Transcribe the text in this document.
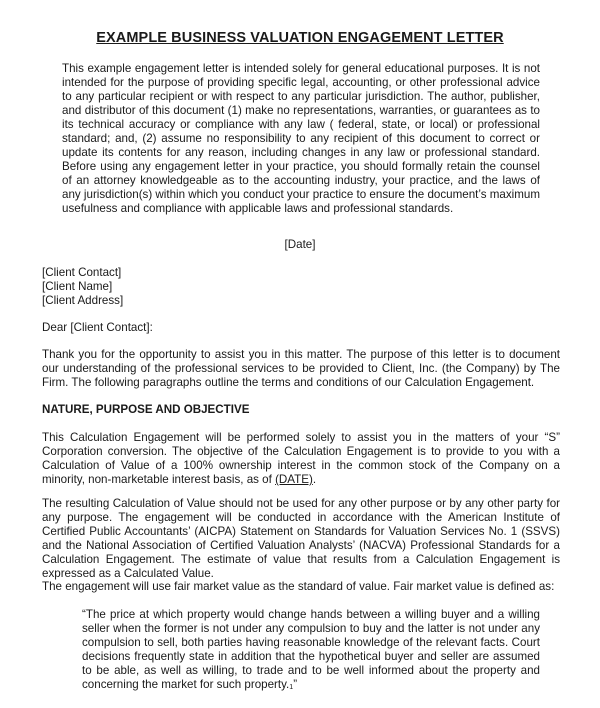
EXAMPLE BUSINESS VALUATION ENGAGEMENT LETTER
This example engagement letter is intended solely for general educational purposes. It is not intended for the purpose of providing specific legal, accounting, or other professional advice to any particular recipient or with respect to any particular jurisdiction. The author, publisher, and distributor of this document (1) make no representations, warranties, or guarantees as to its technical accuracy or compliance with any law ( federal, state, or local) or professional standard; and, (2) assume no responsibility to any recipient of this document to correct or update its contents for any reason, including changes in any law or professional standard. Before using any engagement letter in your practice, you should formally retain the counsel of an attorney knowledgeable as to the accounting industry, your practice, and the laws of any jurisdiction(s) within which you conduct your practice to ensure the document’s maximum usefulness and compliance with applicable laws and professional standards.
[Date]
[Client Contact]
[Client Name]
[Client Address]
Dear [Client Contact]:
Thank you for the opportunity to assist you in this matter. The purpose of this letter is to document our understanding of the professional services to be provided to Client, Inc. (the Company) by The Firm. The following paragraphs outline the terms and conditions of our Calculation Engagement.
NATURE, PURPOSE AND OBJECTIVE
This Calculation Engagement will be performed solely to assist you in the matters of your “S” Corporation conversion. The objective of the Calculation Engagement is to provide to you with a Calculation of Value of a 100% ownership interest in the common stock of the Company on a minority, non-marketable interest basis, as of (DATE).
The resulting Calculation of Value should not be used for any other purpose or by any other party for any purpose. The engagement will be conducted in accordance with the American Institute of Certified Public Accountants’ (AICPA) Statement on Standards for Valuation Services No. 1 (SSVS) and the National Association of Certified Valuation Analysts’ (NACVA) Professional Standards for a Calculation Engagement. The estimate of value that results from a Calculation Engagement is expressed as a Calculated Value.
The engagement will use fair market value as the standard of value. Fair market value is defined as:
“The price at which property would change hands between a willing buyer and a willing seller when the former is not under any compulsion to buy and the latter is not under any compulsion to sell, both parties having reasonable knowledge of the relevant facts. Court decisions frequently state in addition that the hypothetical buyer and seller are assumed to be able, as well as willing, to trade and to be well informed about the property and concerning the market for such property.1”
